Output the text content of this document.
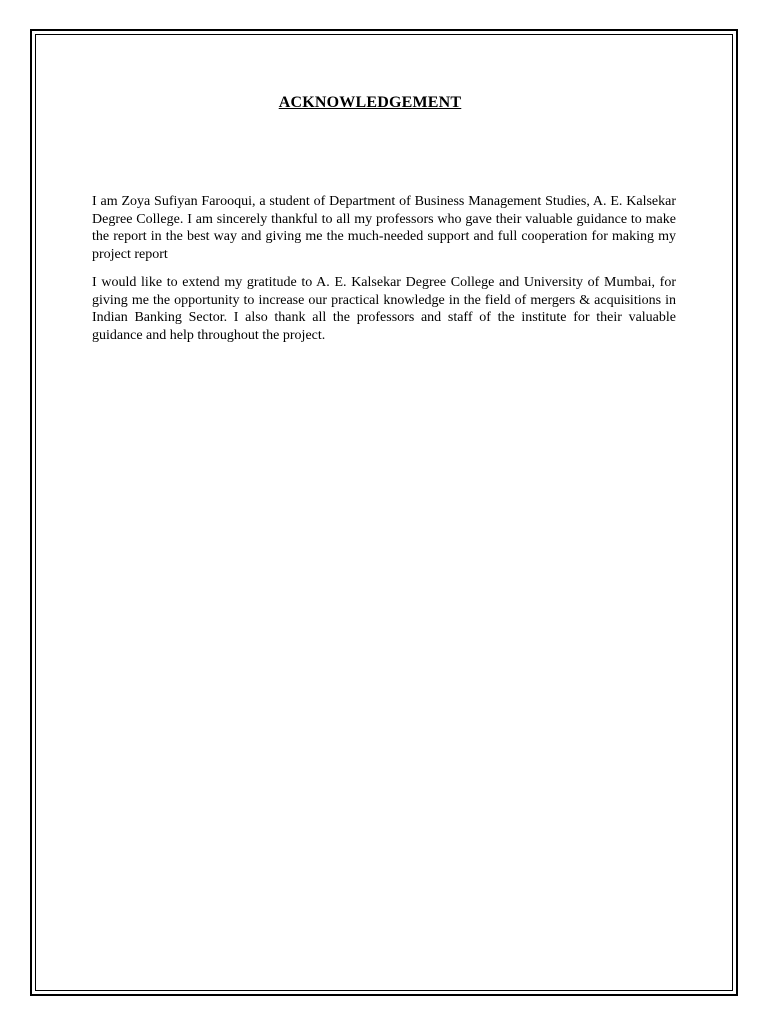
ACKNOWLEDGEMENT

I am Zoya Sufiyan Farooqui, a student of Department of Business Management Studies, A. E. Kalsekar Degree College. I am sincerely thankful to all my professors who gave their valuable guidance to make the report in the best way and giving me the much-needed support and full cooperation for making my project report

I would like to extend my gratitude to A. E. Kalsekar Degree College and University of Mumbai, for giving me the opportunity to increase our practical knowledge in the field of mergers & acquisitions in Indian Banking Sector. I also thank all the professors and staff of the institute for their valuable guidance and help throughout the project.
